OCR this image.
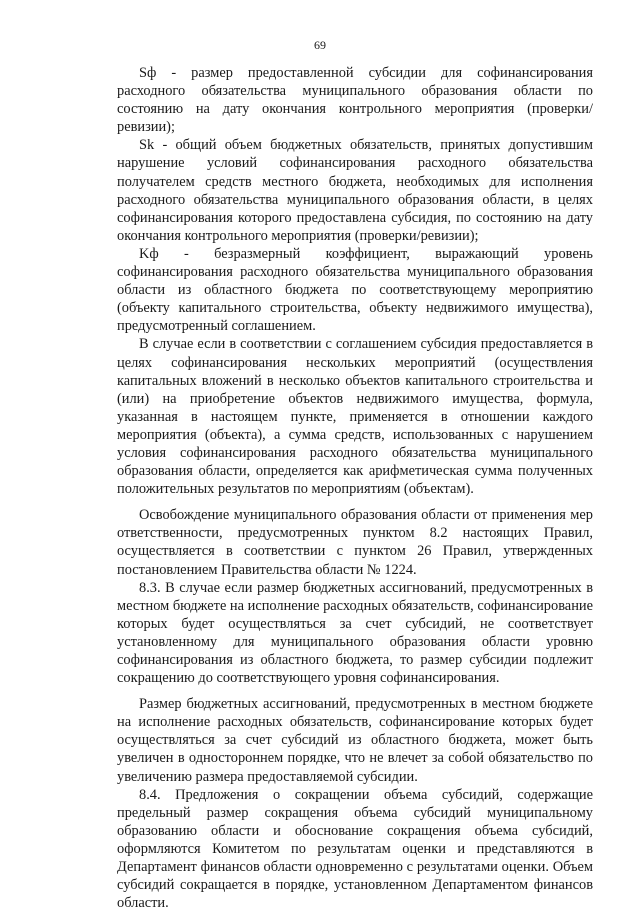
69

Sф - размер предоставленной субсидии для софинансирования расходного обязательства муниципального образования области по состоянию на дату окончания контрольного мероприятия (проверки/ревизии);

Sk - общий объем бюджетных обязательств, принятых допустившим нарушение условий софинансирования расходного обязательства получателем средств местного бюджета, необходимых для исполнения расходного обязательства муниципального образования области, в целях софинансирования которого предоставлена субсидия, по состоянию на дату окончания контрольного мероприятия (проверки/ревизии);

Kф - безразмерный коэффициент, выражающий уровень софинансирования расходного обязательства муниципального образования области из областного бюджета по соответствующему мероприятию (объекту капитального строительства, объекту недвижимого имущества), предусмотренный соглашением.

В случае если в соответствии с соглашением субсидия предоставляется в целях софинансирования нескольких мероприятий (осуществления капитальных вложений в несколько объектов капитального строительства и (или) на приобретение объектов недвижимого имущества, формула, указанная в настоящем пункте, применяется в отношении каждого мероприятия (объекта), а сумма средств, использованных с нарушением условия софинансирования расходного обязательства муниципального образования области, определяется как арифметическая сумма полученных положительных результатов по мероприятиям (объектам).

Освобождение муниципального образования области от применения мер ответственности, предусмотренных пунктом 8.2 настоящих Правил, осуществляется в соответствии с пунктом 26 Правил, утвержденных постановлением Правительства области № 1224.

8.3. В случае если размер бюджетных ассигнований, предусмотренных в местном бюджете на исполнение расходных обязательств, софинансирование которых будет осуществляться за счет субсидий, не соответствует установленному для муниципального образования области уровню софинансирования из областного бюджета, то размер субсидии подлежит сокращению до соответствующего уровня софинансирования.

Размер бюджетных ассигнований, предусмотренных в местном бюджете на исполнение расходных обязательств, софинансирование которых будет осуществляться за счет субсидий из областного бюджета, может быть увеличен в одностороннем порядке, что не влечет за собой обязательство по увеличению размера предоставляемой субсидии.

8.4. Предложения о сокращении объема субсидий, содержащие предельный размер сокращения объема субсидий муниципальному образованию области и обоснование сокращения объема субсидий, оформляются Комитетом по результатам оценки и представляются в Департамент финансов области одновременно с результатами оценки. Объем субсидий сокращается в порядке, установленном Департаментом финансов области.
